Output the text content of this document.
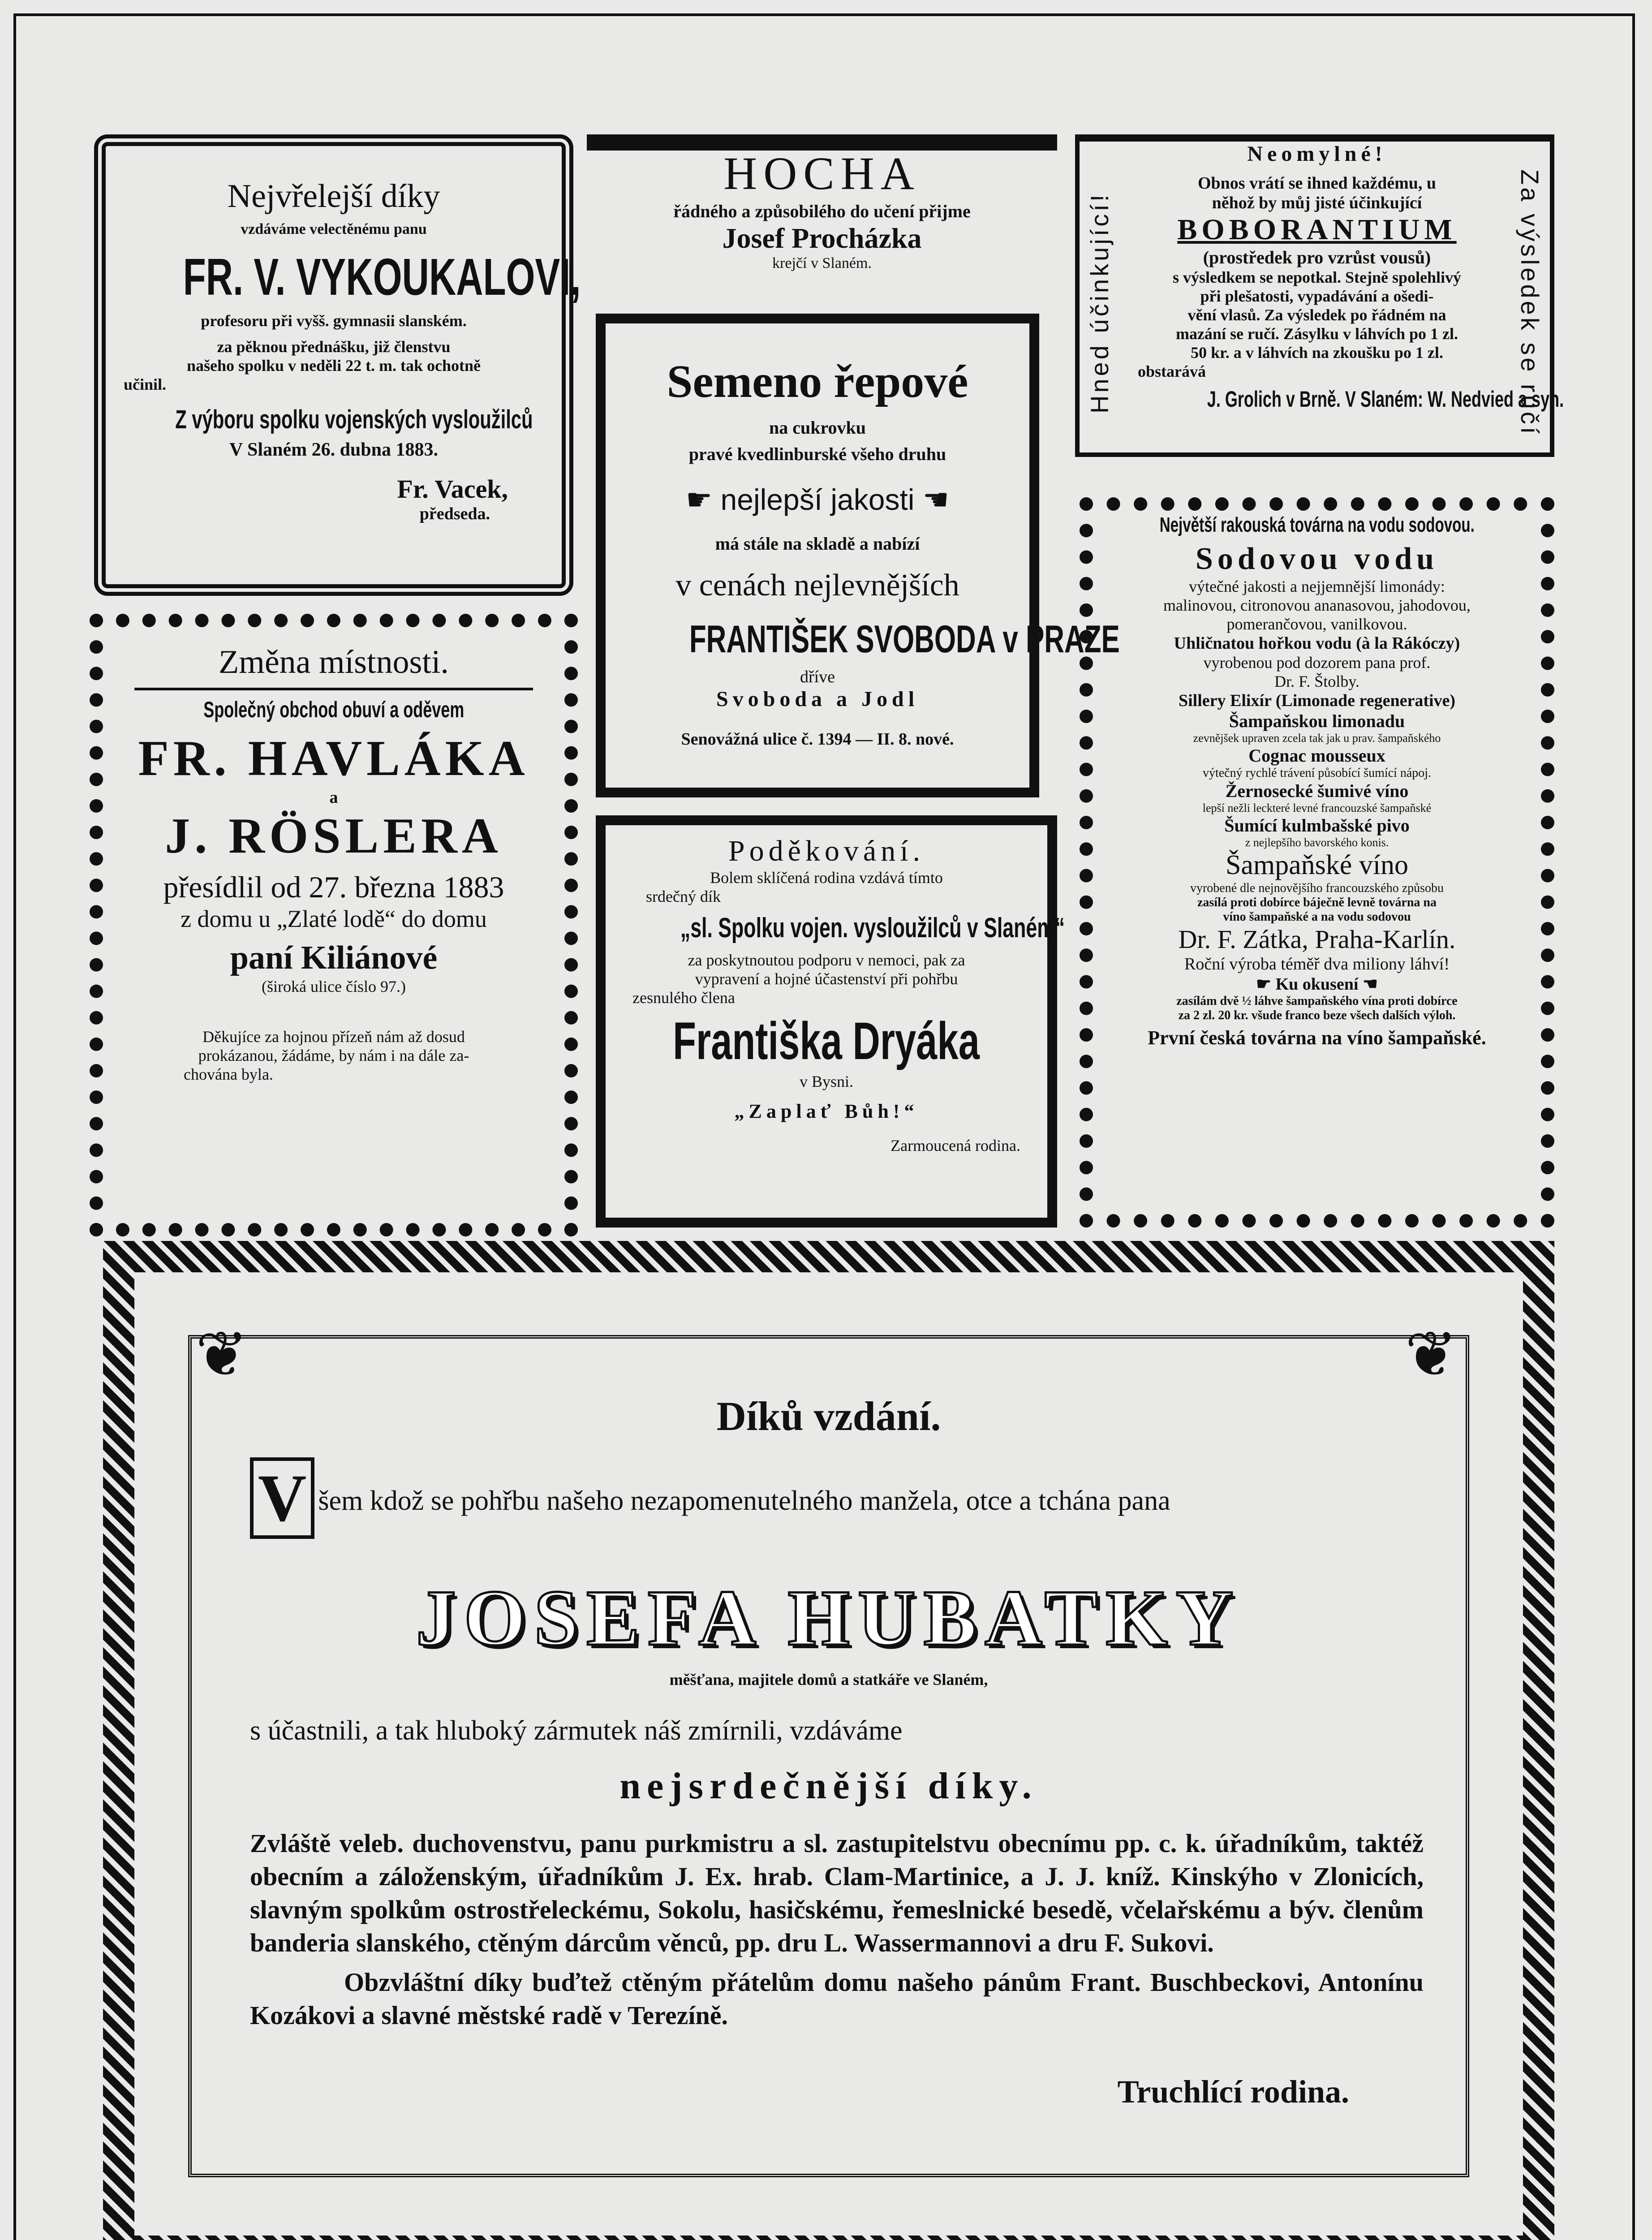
Nejvřelejší díky
vzdáváme velectěnému panu
FR. V. VYKOUKALOVI,
profesoru při vyšš. gymnasii slanském.
za pěknou přednášku, již členstvu
našeho spolku v neděli 22 t. m. tak ochotně
učinil.
Z výboru spolku vojenských vysloužilců
V Slaném 26. dubna 1883.
Fr. Vacek,
předseda.
HOCHA
řádného a způsobilého do učení přijme
Josef Procházka
krejčí v Slaném.
Semeno řepové
na cukrovku
pravé kvedlinburské všeho druhu
☛ nejlepší jakosti ☚
má stále na skladě a nabízí
v cenách nejlevnějších
FRANTIŠEK SVOBODA v PRAZE
dříve
Svoboda a Jodl
Senovážná ulice č. 1394 — II. 8. nové.
Neomylné!
Obnos vrátí se ihned každému, u
něhož by můj jisté účinkující
BOBORANTIUM
(prostředek pro vzrůst vousů)
s výsledkem se nepotkal. Stejně spolehlivý
při plešatosti, vypadávání a ošedi-
vění vlasů. Za výsledek po řádném na
mazání se ručí. Zásylku v láhvích po 1 zl.
50 kr. a v láhvích na zkoušku po 1 zl.
obstarává
J. Grolich v Brně. V Slaném: W. Nedvied a syn.
Hned účinkující!	Za výsledek se ručí
Největší rakouská továrna na vodu sodovou.
Sodovou vodu
výtečné jakosti a nejjemnější limonády:
malinovou, citronovou ananasovou, jahodovou,
pomerančovou, vanilkovou.
Uhličnatou hořkou vodu (à la Rákóczy)
vyrobenou pod dozorem pana prof.
Dr. F. Štolby.
Sillery Elixír (Limonade regenerative)
Šampaňskou limonadu
zevnějšek upraven zcela tak jak u prav. šampaňského
Cognac mousseux
výtečný rychlé trávení působící šumící nápoj.
Žernosecké šumivé víno
lepší nežli leckteré levné francouzské šampaňské
Šumící kulmbašské pivo
z nejlepšího bavorského konis.
Šampaňské víno
vyrobené dle nejnovějšího francouzského způsobu
zasílá proti dobírce báječně levně továrna na
víno šampaňské a na vodu sodovou
Dr. F. Zátka, Praha-Karlín.
Roční výroba téměř dva miliony láhví!
☛ Ku okusení ☚
zasílám dvě ½ láhve šampaňského vína proti dobírce
za 2 zl. 20 kr. všude franco beze všech dalších výloh.
První česká továrna na víno šampaňské.
Změna místnosti.
Společný obchod obuví a oděvem
FR. HAVLÁKA
a
J. RÖSLERA
přesídlil od 27. března 1883
z domu u „Zlaté lodě“ do domu
paní Kiliánové
(široká ulice číslo 97.)
Děkujíce za hojnou přízeň nám až dosud
prokázanou, žádáme, by nám i na dále za-
chována byla.
Poděkování.
Bolem sklíčená rodina vzdává tímto
srdečný dík
„sl. Spolku vojen. vysloužilců v Slaném“
za poskytnoutou podporu v nemoci, pak za
vypravení a hojné účastenství při pohřbu
zesnulého člena
Františka Dryáka
v Bysni.
„Zaplať Bůh!“
Zarmoucená rodina.
❦	❦
Díků vzdání.
V šem kdož se pohřbu našeho nezapomenutelného manžela, otce a tchána pana
JOSEFA HUBATKY
měšťana, majitele domů a statkáře ve Slaném,
s účastnili, a tak hluboký zármutek náš zmírnili, vzdáváme
nejsrdečnější díky.
Zvláště veleb. duchovenstvu, panu purkmistru a sl. zastupitelstvu obecnímu pp. c. k. úřadníkům, taktéž obecním a záloženským, úřadníkům J. Ex. hrab. Clam-Martinice, a J. J. kníž. Kinskýho v Zlonicích, slavným spolkům ostrostřeleckému, Sokolu, hasičskému, řemeslnické besedě, včelařskému a býv. členům banderia slanského, ctěným dárcům věnců, pp. dru L. Wassermannovi a dru F. Sukovi.
Obzvláštní díky buďtež ctěným přátelům domu našeho pánům Frant. Buschbeckovi, Antonínu Kozákovi a slavné městské radě v Terezíně.
Truchlící rodina.
